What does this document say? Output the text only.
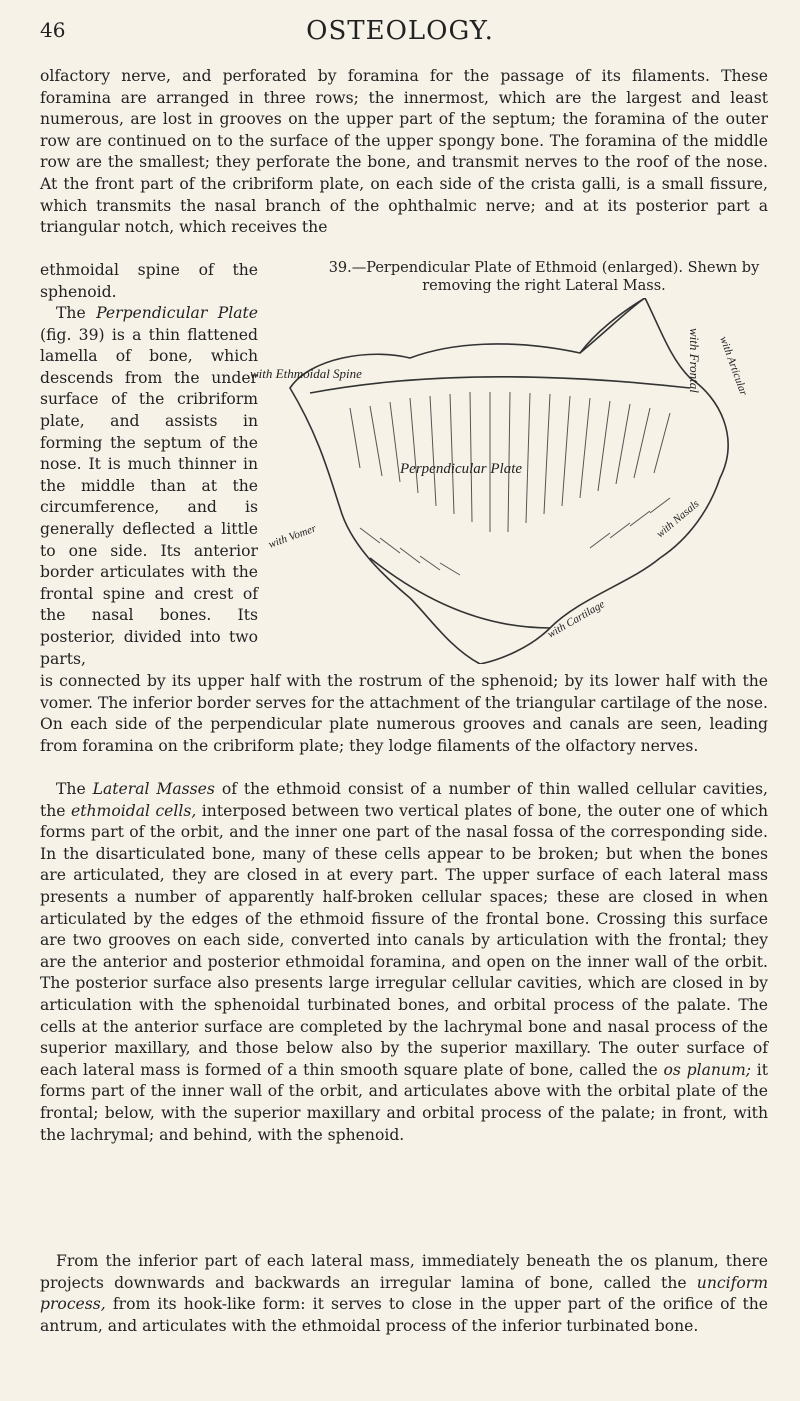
46	OSTEOLOGY.

olfactory nerve, and perforated by foramina for the passage of its filaments. These foramina are arranged in three rows; the innermost, which are the largest and least numerous, are lost in grooves on the upper part of the septum; the foramina of the outer row are continued on to the surface of the upper spongy bone. The foramina of the middle row are the smallest; they perforate the bone, and transmit nerves to the roof of the nose. At the front part of the cribriform plate, on each side of the crista galli, is a small fissure, which transmits the nasal branch of the ophthalmic nerve; and at its posterior part a triangular notch, which receives the

ethmoidal spine of the sphenoid.

The Perpendicular Plate (fig. 39) is a thin flattened lamella of bone, which descends from the under surface of the cribriform plate, and assists in forming the septum of the nose. It is much thinner in the middle than at the circumference, and is generally deflected a little to one side. Its anterior border articulates with the frontal spine and crest of the nasal bones. Its posterior, divided into two parts,

39.—Perpendicular Plate of Ethmoid (enlarged). Shewn by removing the right Lateral Mass.
with Ethmoidal Spine
Perpendicular Plate
with Frontal with Articular
with Nasals
with Cartilage
with Vomer

is connected by its upper half with the rostrum of the sphenoid; by its lower half with the vomer. The inferior border serves for the attachment of the triangular cartilage of the nose. On each side of the perpendicular plate numerous grooves and canals are seen, leading from foramina on the cribriform plate; they lodge filaments of the olfactory nerves.

The Lateral Masses of the ethmoid consist of a number of thin walled cellular cavities, the ethmoidal cells, interposed between two vertical plates of bone, the outer one of which forms part of the orbit, and the inner one part of the nasal fossa of the corresponding side. In the disarticulated bone, many of these cells appear to be broken; but when the bones are articulated, they are closed in at every part. The upper surface of each lateral mass presents a number of apparently half-broken cellular spaces; these are closed in when articulated by the edges of the ethmoid fissure of the frontal bone. Crossing this surface are two grooves on each side, converted into canals by articulation with the frontal; they are the anterior and posterior ethmoidal foramina, and open on the inner wall of the orbit. The posterior surface also presents large irregular cellular cavities, which are closed in by articulation with the sphenoidal turbinated bones, and orbital process of the palate. The cells at the anterior surface are completed by the lachrymal bone and nasal process of the superior maxillary, and those below also by the superior maxillary. The outer surface of each lateral mass is formed of a thin smooth square plate of bone, called the os planum; it forms part of the inner wall of the orbit, and articulates above with the orbital plate of the frontal; below, with the superior maxillary and orbital process of the palate; in front, with the lachrymal; and behind, with the sphenoid.

From the inferior part of each lateral mass, immediately beneath the os planum, there projects downwards and backwards an irregular lamina of bone, called the unciform process, from its hook-like form: it serves to close in the upper part of the orifice of the antrum, and articulates with the ethmoidal process of the inferior turbinated bone.
